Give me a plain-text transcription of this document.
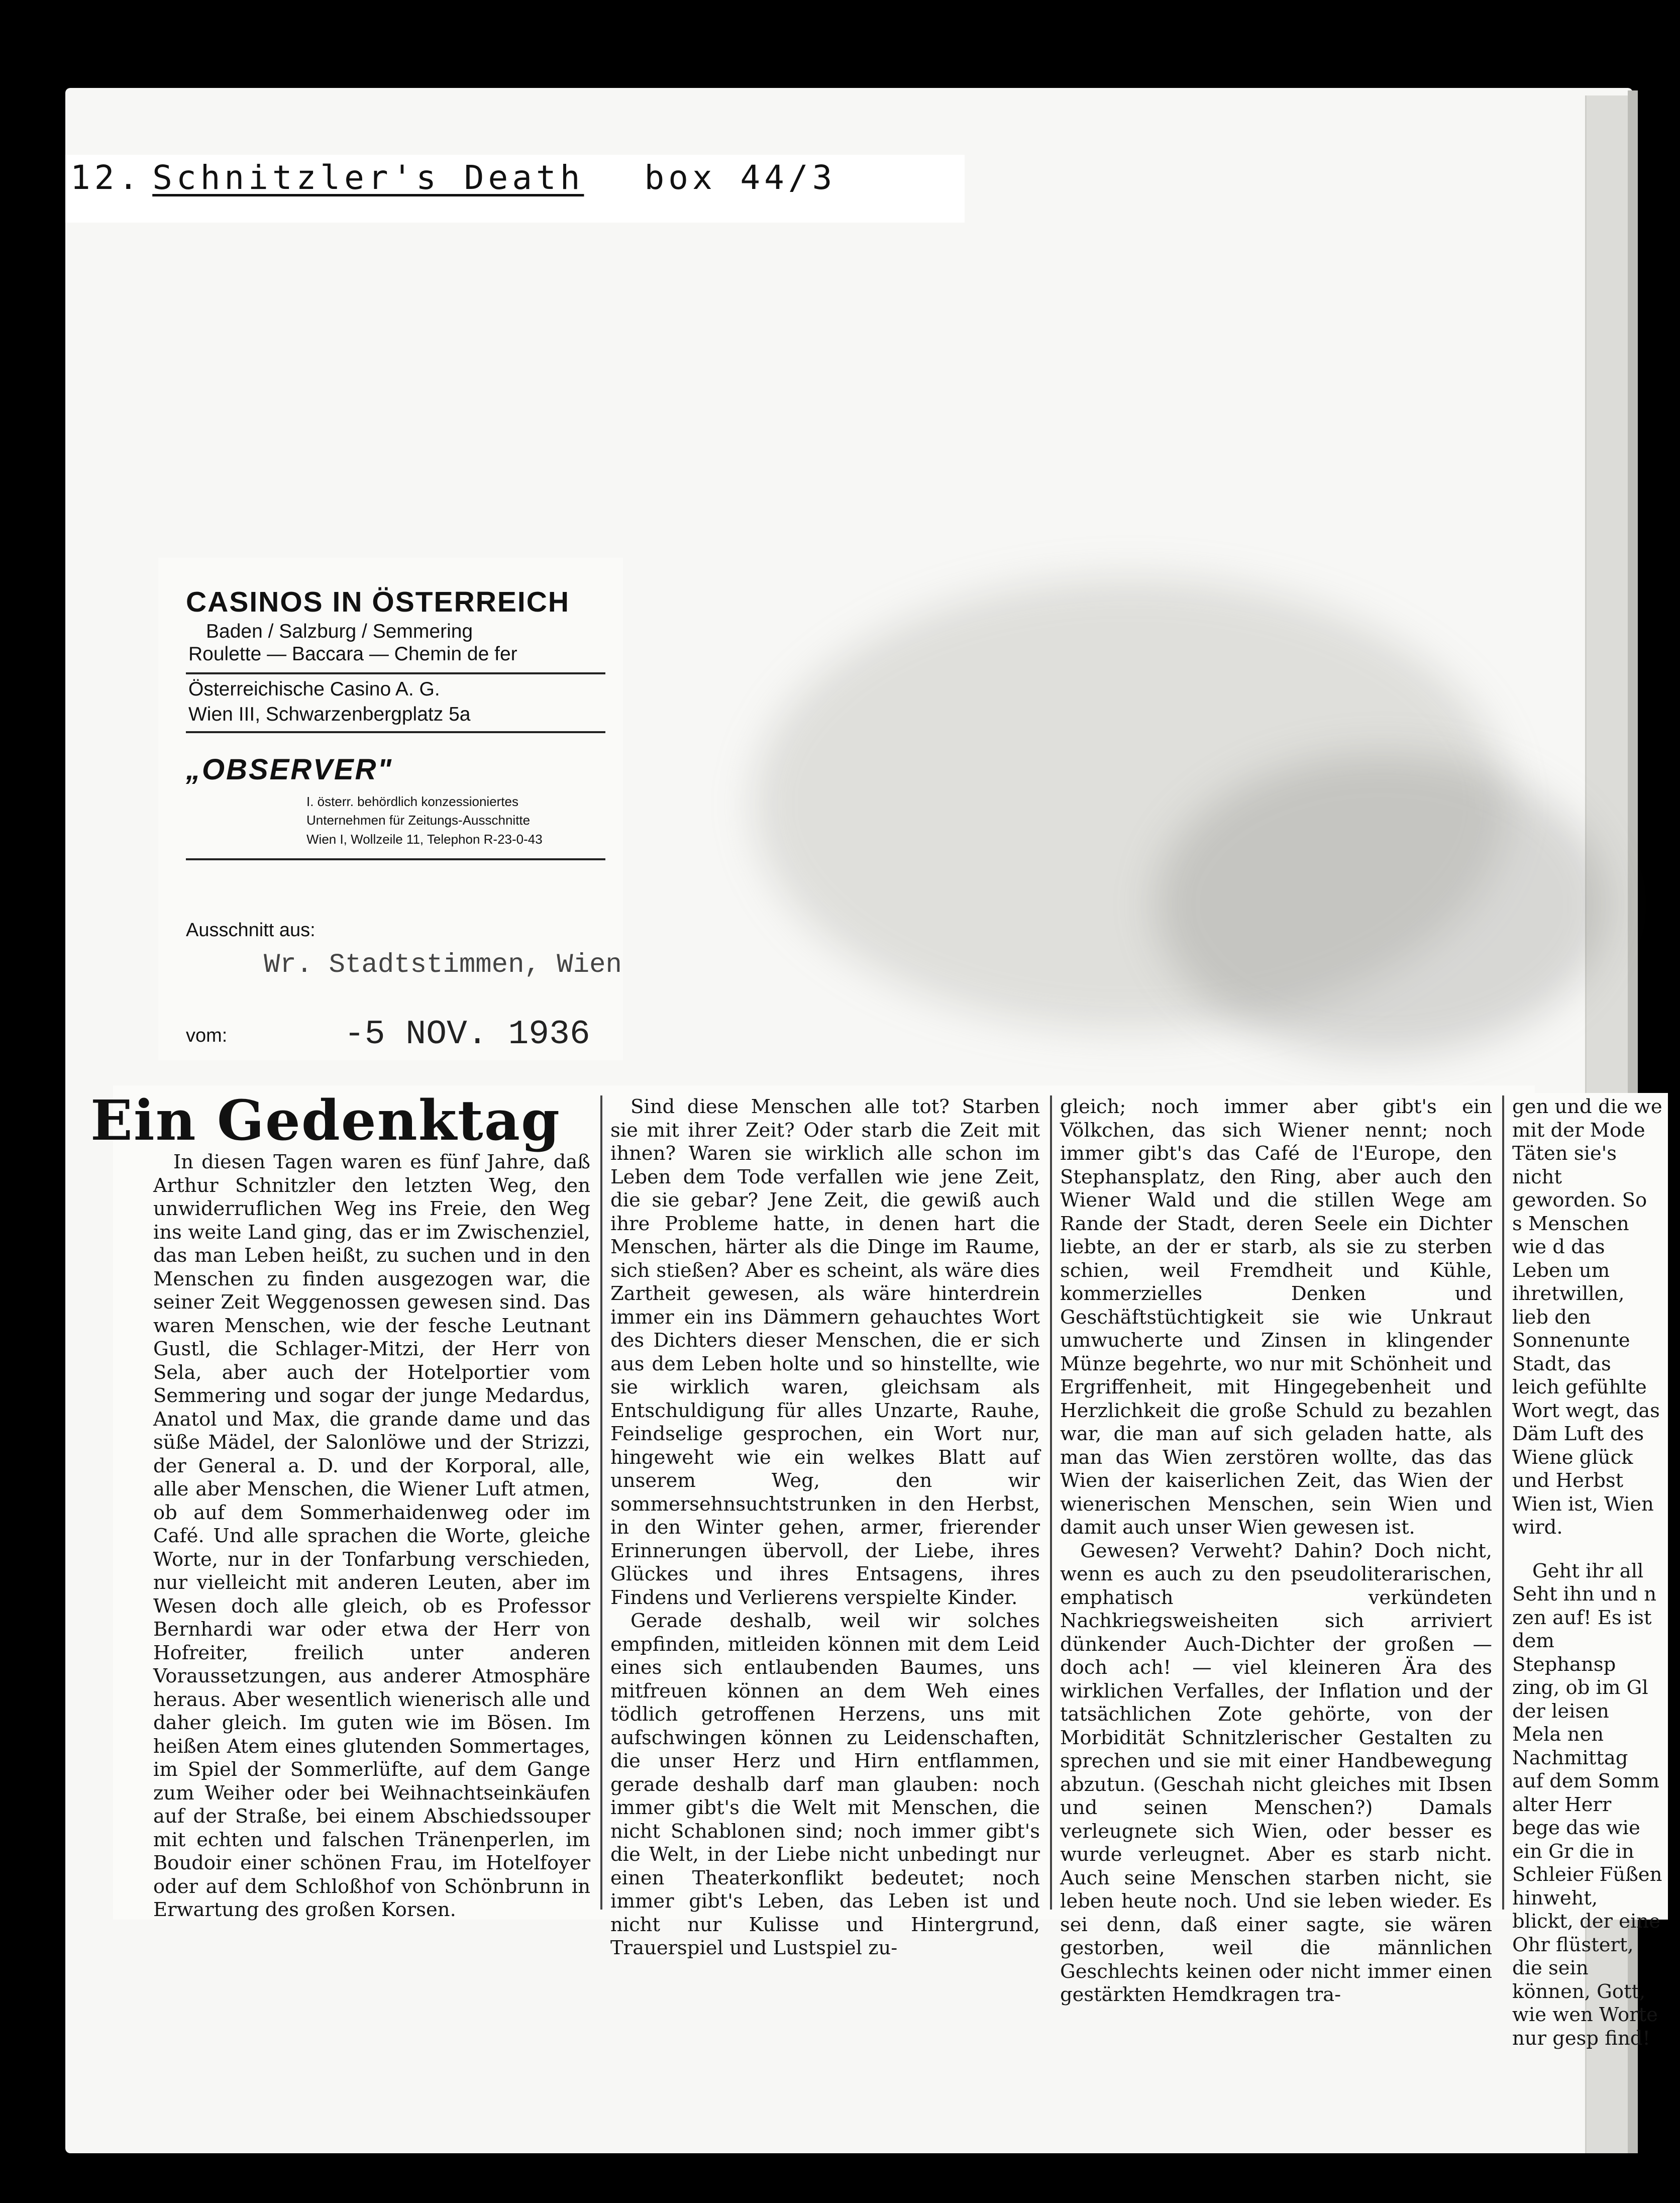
12. Schnitzler's Death box 44/3
CASINOS IN ÖSTERREICH
Baden / Salzburg / Semmering
Roulette — Baccara — Chemin de fer
Österreichische Casino A. G.
Wien III, Schwarzenbergplatz 5a
„OBSERVER"
I. österr. behördlich konzessioniertes
Unternehmen für Zeitungs-Ausschnitte
Wien I, Wollzeile 11, Telephon R-23-0-43
Ausschnitt aus:
Wr. Stadtstimmen, Wien
vom:	-5 NOV. 1936
Ein Gedenktag

In diesen Tagen waren es fünf Jahre, daß Arthur Schnitzler den letzten Weg, den unwiderruflichen Weg ins Freie, den Weg ins weite Land ging, das er im Zwischenziel, das man Leben heißt, zu suchen und in den Menschen zu finden ausgezogen war, die seiner Zeit Weggenossen gewesen sind. Das waren Menschen, wie der fesche Leutnant Gustl, die Schlager-Mitzi, der Herr von Sela, aber auch der Hotelportier vom Semmering und sogar der junge Medardus, Anatol und Max, die grande dame und das süße Mädel, der Salonlöwe und der Strizzi, der General a. D. und der Korporal, alle, alle aber Menschen, die Wiener Luft atmen, ob auf dem Sommerhaidenweg oder im Café. Und alle sprachen die Worte, gleiche Worte, nur in der Tonfarbung verschieden, nur vielleicht mit anderen Leuten, aber im Wesen doch alle gleich, ob es Professor Bernhardi war oder etwa der Herr von Hofreiter, freilich unter anderen Voraussetzungen, aus anderer Atmosphäre heraus. Aber wesentlich wienerisch alle und daher gleich. Im guten wie im Bösen. Im heißen Atem eines glutenden Sommertages, im Spiel der Sommerlüfte, auf dem Gange zum Weiher oder bei Weihnachtseinkäufen auf der Straße, bei einem Abschiedssouper mit echten und falschen Tränenperlen, im Boudoir einer schönen Frau, im Hotelfoyer oder auf dem Schloßhof von Schönbrunn in Erwartung des großen Korsen.

Sind diese Menschen alle tot? Starben sie mit ihrer Zeit? Oder starb die Zeit mit ihnen? Waren sie wirklich alle schon im Leben dem Tode verfallen wie jene Zeit, die sie gebar? Jene Zeit, die gewiß auch ihre Probleme hatte, in denen hart die Menschen, härter als die Dinge im Raume, sich stießen? Aber es scheint, als wäre dies Zartheit gewesen, als wäre hinterdrein immer ein ins Dämmern gehauchtes Wort des Dichters dieser Menschen, die er sich aus dem Leben holte und so hinstellte, wie sie wirklich waren, gleichsam als Entschuldigung für alles Unzarte, Rauhe, Feindselige gesprochen, ein Wort nur, hingeweht wie ein welkes Blatt auf unserem Weg, den wir sommersehnsuchtstrunken in den Herbst, in den Winter gehen, armer, frierender Erinnerungen übervoll, der Liebe, ihres Glückes und ihres Entsagens, ihres Findens und Verlierens verspielte Kinder.

Gerade deshalb, weil wir solches empfinden, mitleiden können mit dem Leid eines sich entlaubenden Baumes, uns mitfreuen können an dem Weh eines tödlich getroffenen Herzens, uns mit aufschwingen können zu Leidenschaften, die unser Herz und Hirn entflammen, gerade deshalb darf man glauben: noch immer gibt's die Welt mit Menschen, die nicht Schablonen sind; noch immer gibt's die Welt, in der Liebe nicht unbedingt nur einen Theaterkonflikt bedeutet; noch immer gibt's Leben, das Leben ist und nicht nur Kulisse und Hintergrund, Trauerspiel und Lustspiel zu-

gleich; noch immer aber gibt's ein Völkchen, das sich Wiener nennt; noch immer gibt's das Café de l'Europe, den Stephansplatz, den Ring, aber auch den Wiener Wald und die stillen Wege am Rande der Stadt, deren Seele ein Dichter liebte, an der er starb, als sie zu sterben schien, weil Fremdheit und Kühle, kommerzielles Denken und Geschäftstüchtigkeit sie wie Unkraut umwucherte und Zinsen in klingender Münze begehrte, wo nur mit Schönheit und Ergriffenheit, mit Hingegebenheit und Herzlichkeit die große Schuld zu bezahlen war, die man auf sich geladen hatte, als man das Wien zerstören wollte, das das Wien der kaiserlichen Zeit, das Wien der wienerischen Menschen, sein Wien und damit auch unser Wien gewesen ist.

Gewesen? Verweht? Dahin? Doch nicht, wenn es auch zu den pseudoliterarischen, emphatisch verkündeten Nachkriegsweisheiten sich arriviert dünkender Auch-Dichter der großen — doch ach! — viel kleineren Ära des wirklichen Verfalles, der Inflation und der tatsächlichen Zote gehörte, von der Morbidität Schnitzlerischer Gestalten zu sprechen und sie mit einer Handbewegung abzutun. (Geschah nicht gleiches mit Ibsen und seinen Menschen?) Damals verleugnete sich Wien, oder besser es wurde verleugnet. Aber es starb nicht. Auch seine Menschen starben nicht, sie leben heute noch. Und sie leben wieder. Es sei denn, daß einer sagte, sie wären gestorben, weil die männlichen Geschlechts keinen oder nicht immer einen gestärkten Hemdkragen tra-

gen und die we mit der Mode Täten sie's nicht geworden. So s Menschen wie d das Leben um ihretwillen, lieb den Sonnenunte Stadt, das leich gefühlte Wort wegt, das Däm Luft des Wiene glück und Herbst Wien ist, Wien wird.

Geht ihr all Seht ihn und n zen auf! Es ist dem Stephansp zing, ob im Gl der leisen Mela nen Nachmittag auf dem Somm alter Herr bege das wie ein Gr die in Schleier Füßen hinweht, blickt, der eine Ohr flüstert, die sein können, Gott, wie wen Worte nur gesp find!
